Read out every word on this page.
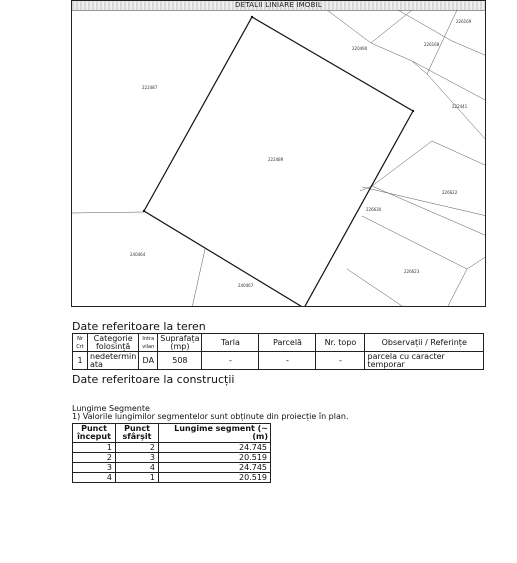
DETALII LINIARE IMOBIL
222489
222487
220490
226168
226169
222441
226622
226630
226623
240464
240467
Date referitoare la teren
Nr Crt	Categorie folosință	Intra vilan	Suprafața (mp)	Tarla	Parcelă	Nr. topo	Observații / Referințe
1	nedetermin ata	DA	508	-	-	-	parcela cu caracter temporar
Date referitoare la construcții

Lungime Segmente

1) Valorile lungimilor segmentelor sunt obținute din proiecție în plan.

Punct început	Punct sfârșit	Lungime segment (~ (m)
1	2	24.745
2	3	20.519
3	4	24.745
4	1	20.519
